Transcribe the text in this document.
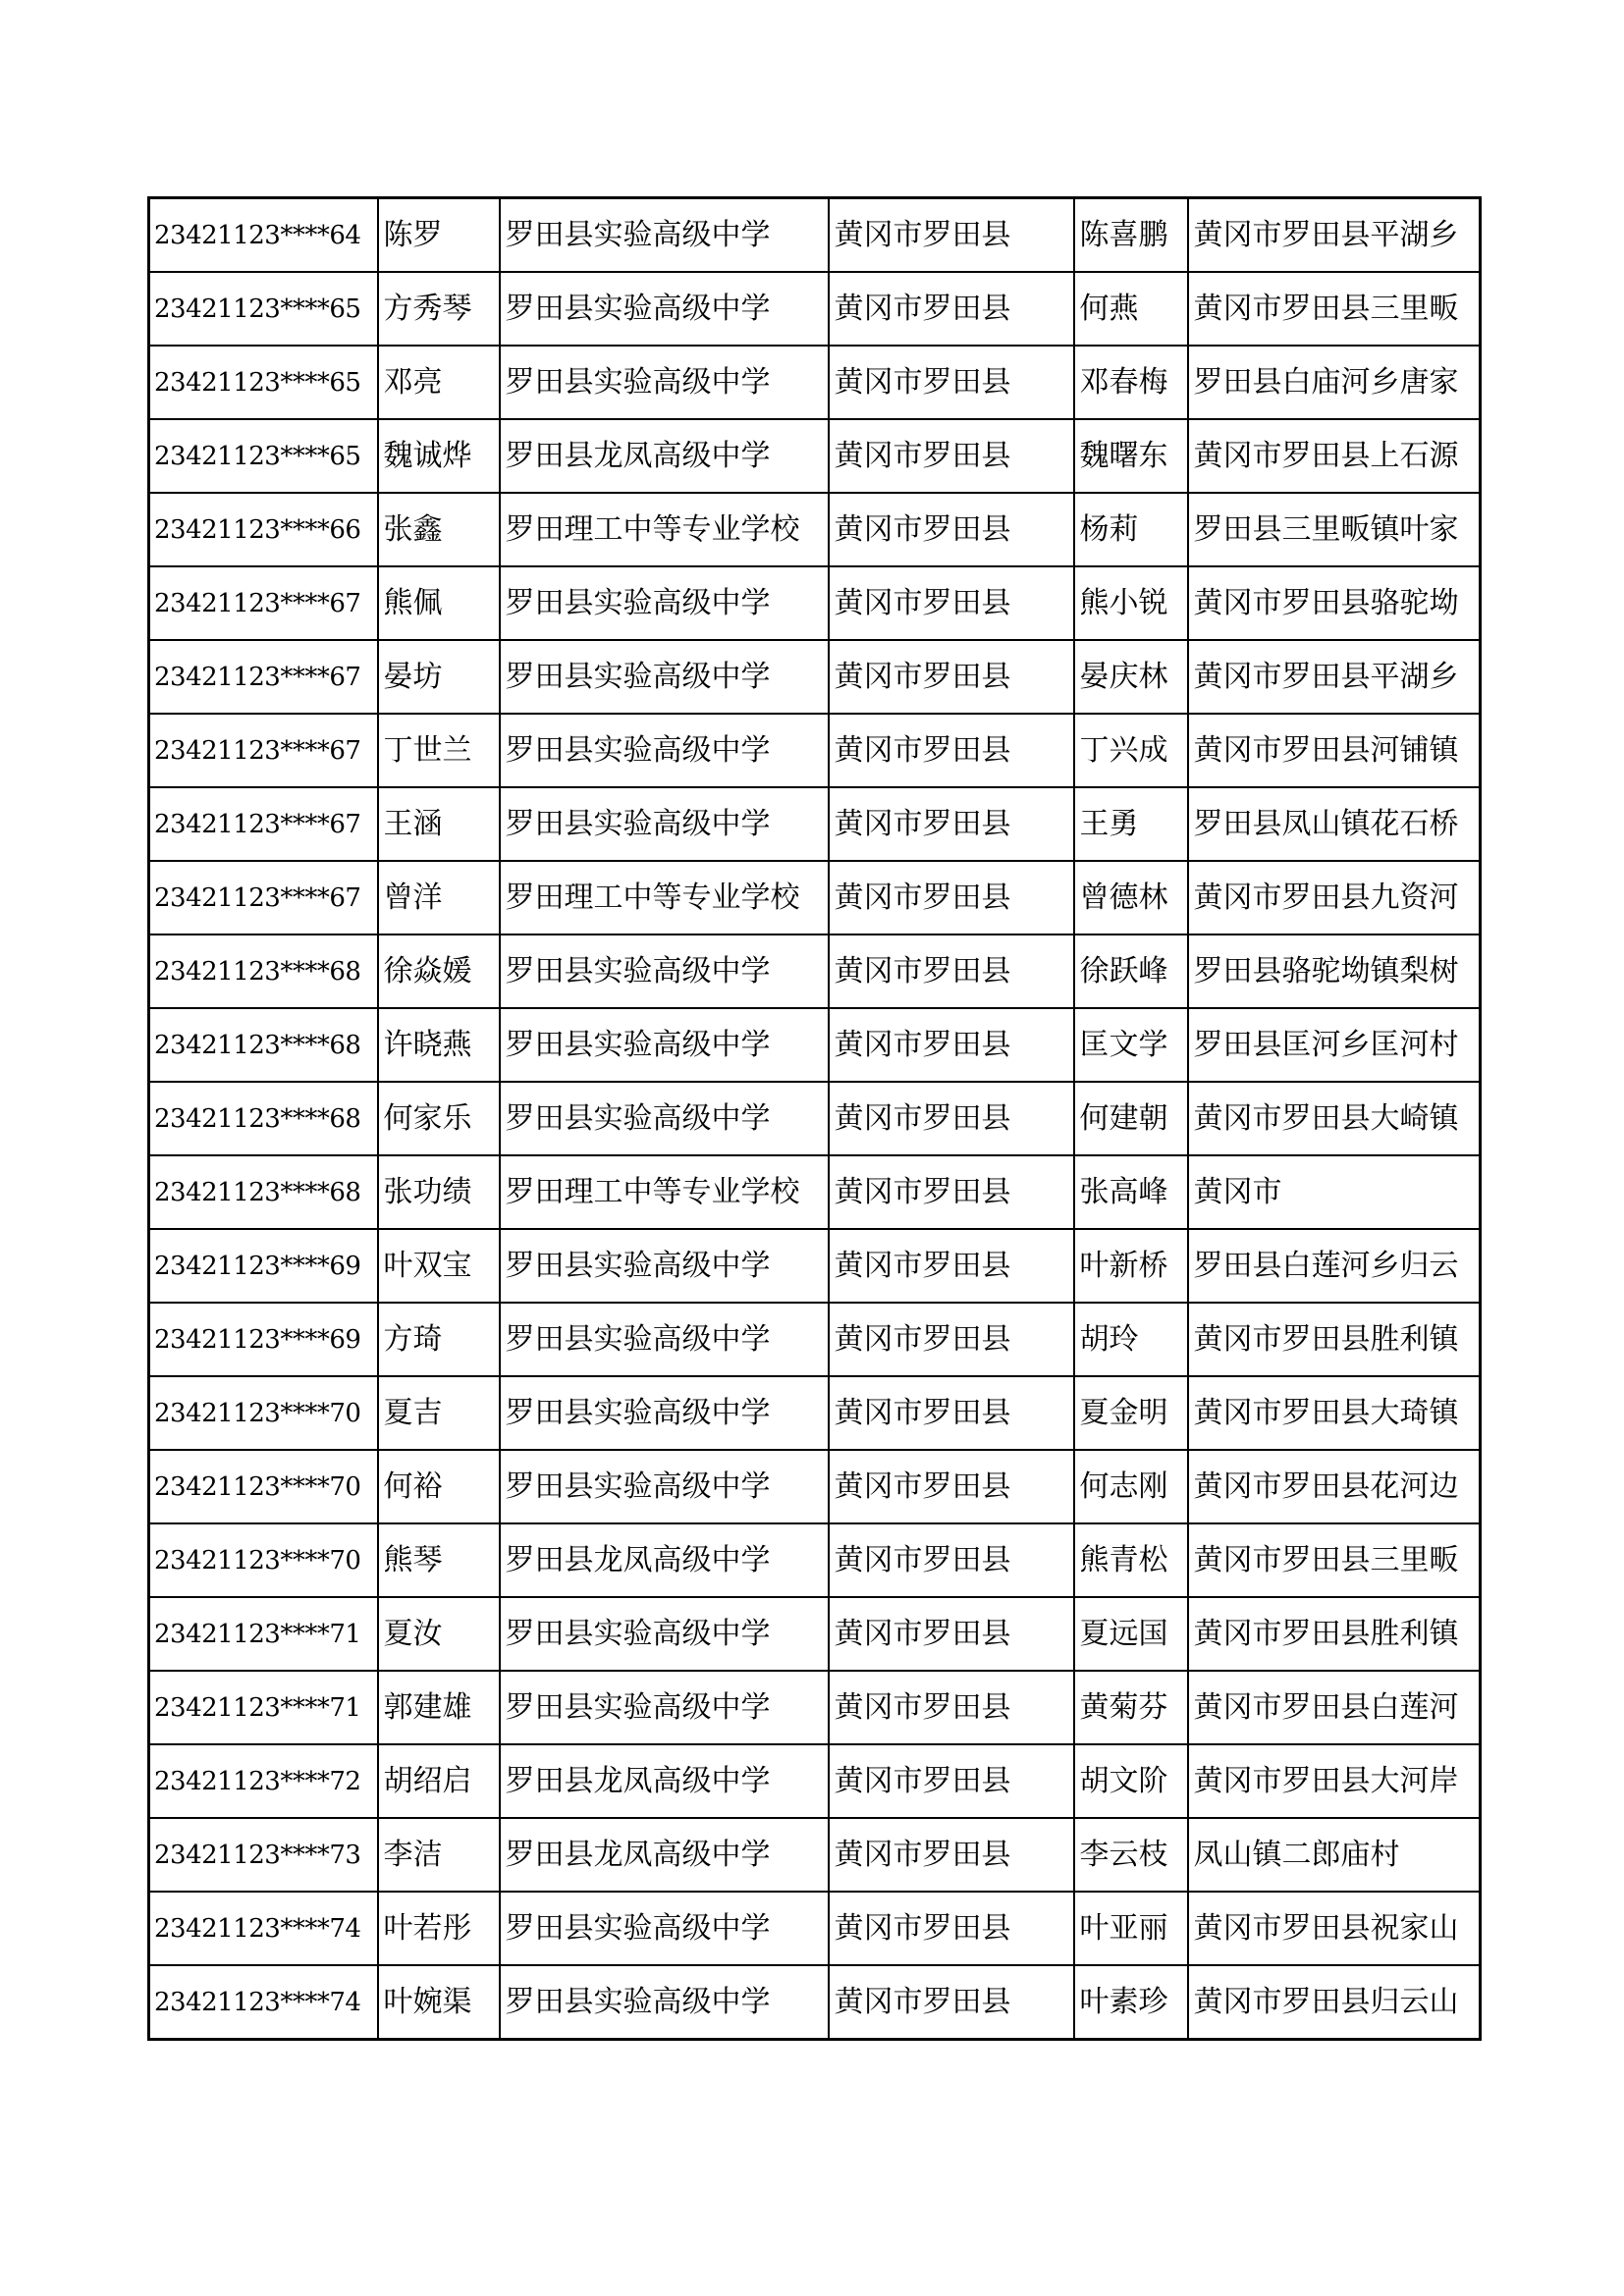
23421123****64	陈罗	罗田县实验高级中学	黄冈市罗田县	陈喜鹏	黄冈市罗田县平湖乡
23421123****65	方秀琴	罗田县实验高级中学	黄冈市罗田县	何燕	黄冈市罗田县三里畈
23421123****65	邓亮	罗田县实验高级中学	黄冈市罗田县	邓春梅	罗田县白庙河乡唐家
23421123****65	魏诚烨	罗田县龙凤高级中学	黄冈市罗田县	魏曙东	黄冈市罗田县上石源
23421123****66	张鑫	罗田理工中等专业学校	黄冈市罗田县	杨莉	罗田县三里畈镇叶家
23421123****67	熊佩	罗田县实验高级中学	黄冈市罗田县	熊小锐	黄冈市罗田县骆驼坳
23421123****67	晏坊	罗田县实验高级中学	黄冈市罗田县	晏庆林	黄冈市罗田县平湖乡
23421123****67	丁世兰	罗田县实验高级中学	黄冈市罗田县	丁兴成	黄冈市罗田县河铺镇
23421123****67	王涵	罗田县实验高级中学	黄冈市罗田县	王勇	罗田县凤山镇花石桥
23421123****67	曾洋	罗田理工中等专业学校	黄冈市罗田县	曾德林	黄冈市罗田县九资河
23421123****68	徐焱媛	罗田县实验高级中学	黄冈市罗田县	徐跃峰	罗田县骆驼坳镇梨树
23421123****68	许晓燕	罗田县实验高级中学	黄冈市罗田县	匡文学	罗田县匡河乡匡河村
23421123****68	何家乐	罗田县实验高级中学	黄冈市罗田县	何建朝	黄冈市罗田县大崎镇
23421123****68	张功绩	罗田理工中等专业学校	黄冈市罗田县	张高峰	黄冈市
23421123****69	叶双宝	罗田县实验高级中学	黄冈市罗田县	叶新桥	罗田县白莲河乡归云
23421123****69	方琦	罗田县实验高级中学	黄冈市罗田县	胡玲	黄冈市罗田县胜利镇
23421123****70	夏吉	罗田县实验高级中学	黄冈市罗田县	夏金明	黄冈市罗田县大琦镇
23421123****70	何裕	罗田县实验高级中学	黄冈市罗田县	何志刚	黄冈市罗田县花河边
23421123****70	熊琴	罗田县龙凤高级中学	黄冈市罗田县	熊青松	黄冈市罗田县三里畈
23421123****71	夏汝	罗田县实验高级中学	黄冈市罗田县	夏远国	黄冈市罗田县胜利镇
23421123****71	郭建雄	罗田县实验高级中学	黄冈市罗田县	黄菊芬	黄冈市罗田县白莲河
23421123****72	胡绍启	罗田县龙凤高级中学	黄冈市罗田县	胡文阶	黄冈市罗田县大河岸
23421123****73	李洁	罗田县龙凤高级中学	黄冈市罗田县	李云枝	凤山镇二郎庙村
23421123****74	叶若彤	罗田县实验高级中学	黄冈市罗田县	叶亚丽	黄冈市罗田县祝家山
23421123****74	叶婉渠	罗田县实验高级中学	黄冈市罗田县	叶素珍	黄冈市罗田县归云山
